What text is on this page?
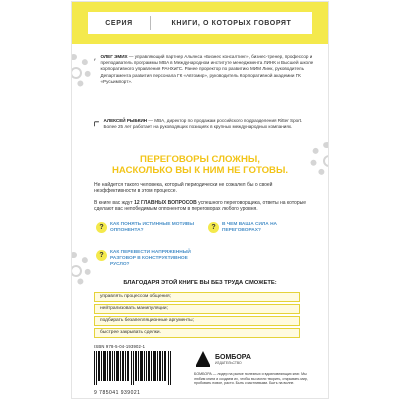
СЕРИЯ	КНИГИ, О КОТОРЫХ ГОВОРЯТ
ОЛЕГ ЭМИХ — управляющий партнер Альянса «Бизнес консалтинг», бизнес-тренер, профессор и преподаватель программы MBA в Международном институте менеджмента ЛИНК и Высшей школе корпоративного управления РАНХиГС. Ранее проректор по развитию МИМ Линк, руководитель Департамента развития персонала ГК «Автомир», руководитель Корпоративной академии ГК «Русьимпорт».
АЛЕКСЕЙ РЫБКИН — MBA, директор по продажам российского подразделения Ritter Sport. Более 25 лет работает на руководящих позициях в крупных международных компаниях.
ПЕРЕГОВОРЫ СЛОЖНЫ,
НАСКОЛЬКО ВЫ К НИМ НЕ ГОТОВЫ.
Не найдется такого человека, который периодически не сожалел бы о своей неэффективности в этом процессе.
В книге вас ждут 12 ГЛАВНЫХ ВОПРОСОВ успешного переговорщика, ответы на которые сделают вас непобедимым оппонентом в переговорах любого уровня.
?	КАК ПОНЯТЬ ИСТИННЫЕ МОТИВЫ ОППОНЕНТА?	?	В ЧЕМ ВАША СИЛА НА ПЕРЕГОВОРАХ?
?	КАК ПЕРЕВЕСТИ НАПРЯЖЕННЫЙ РАЗГОВОР В КОНСТРУКТИВНОЕ РУСЛО?
БЛАГОДАРЯ ЭТОЙ КНИГЕ ВЫ БЕЗ ТРУДА СМОЖЕТЕ:
управлять процессом общения;
нейтрализовать манипуляции;
подбирать безапелляционные аргументы;
быстрее закрывать сделки.
ISBN 978-5-04-193902-1
9 785041 939021
БОМБОРА
ИЗДАТЕЛЬСТВО
БОМБОРА — лидер на рынке полезных и вдохновляющих книг. Мы любим книги и создаем их, чтобы вы могли творить, открывать мир, пробовать новое, расти. Быть счастливыми. Быть на волне.
